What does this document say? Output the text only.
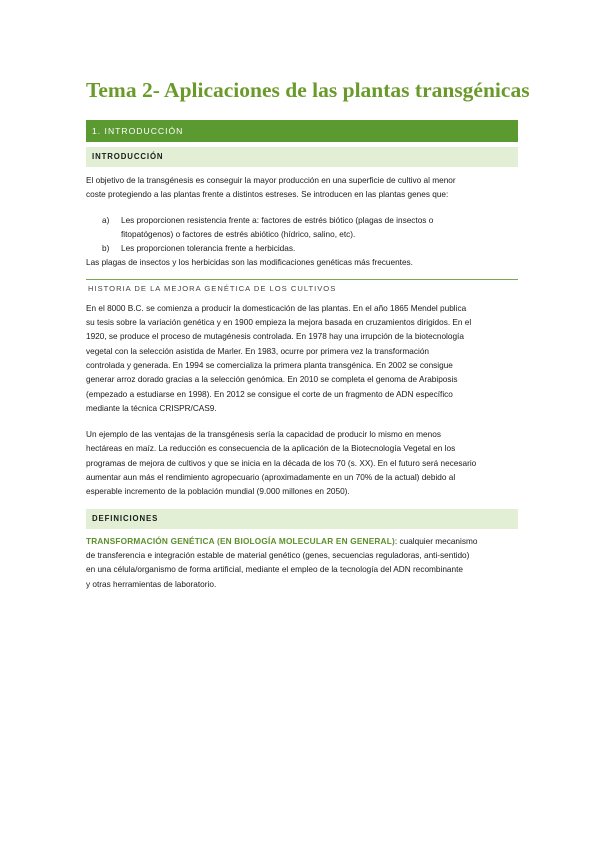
Tema 2- Aplicaciones de las plantas transgénicas
1. INTRODUCCIÓN
INTRODUCCIÓN

El objetivo de la transgénesis es conseguir la mayor producción en una superficie de cultivo al menor
coste protegiendo a las plantas frente a distintos estreses. Se introducen en las plantas genes que:

a)	Les proporcionen resistencia frente a: factores de estrés biótico (plagas de insectos o
fitopatógenos) o factores de estrés abiótico (hídrico, salino, etc).
b)	Les proporcionen tolerancia frente a herbicidas.
Las plagas de insectos y los herbicidas son las modificaciones genéticas más frecuentes.
HISTORIA DE LA MEJORA GENÉTICA DE LOS CULTIVOS

En el 8000 B.C. se comienza a producir la domesticación de las plantas. En el año 1865 Mendel publica
su tesis sobre la variación genética y en 1900 empieza la mejora basada en cruzamientos dirigidos. En el
1920, se produce el proceso de mutagénesis controlada. En 1978 hay una irrupción de la biotecnología
vegetal con la selección asistida de Marler. En 1983, ocurre por primera vez la transformación
controlada y generada. En 1994 se comercializa la primera planta transgénica. En 2002 se consigue
generar arroz dorado gracias a la selección genómica. En 2010 se completa el genoma de Arabiposis
(empezado a estudiarse en 1998). En 2012 se consigue el corte de un fragmento de ADN específico
mediante la técnica CRISPR/CAS9.

Un ejemplo de las ventajas de la transgénesis sería la capacidad de producir lo mismo en menos
hectáreas en maíz. La reducción es consecuencia de la aplicación de la Biotecnología Vegetal en los
programas de mejora de cultivos y que se inicia en la década de los 70 (s. XX). En el futuro será necesario
aumentar aun más el rendimiento agropecuario (aproximadamente en un 70% de la actual) debido al
esperable incremento de la población mundial (9.000 millones en 2050).

DEFINICIONES

TRANSFORMACIÓN GENÉTICA (EN BIOLOGÍA MOLECULAR EN GENERAL): cualquier mecanismo
de transferencia e integración estable de material genético (genes, secuencias reguladoras, anti-sentido)
en una célula/organismo de forma artificial, mediante el empleo de la tecnología del ADN recombinante
y otras herramientas de laboratorio.
